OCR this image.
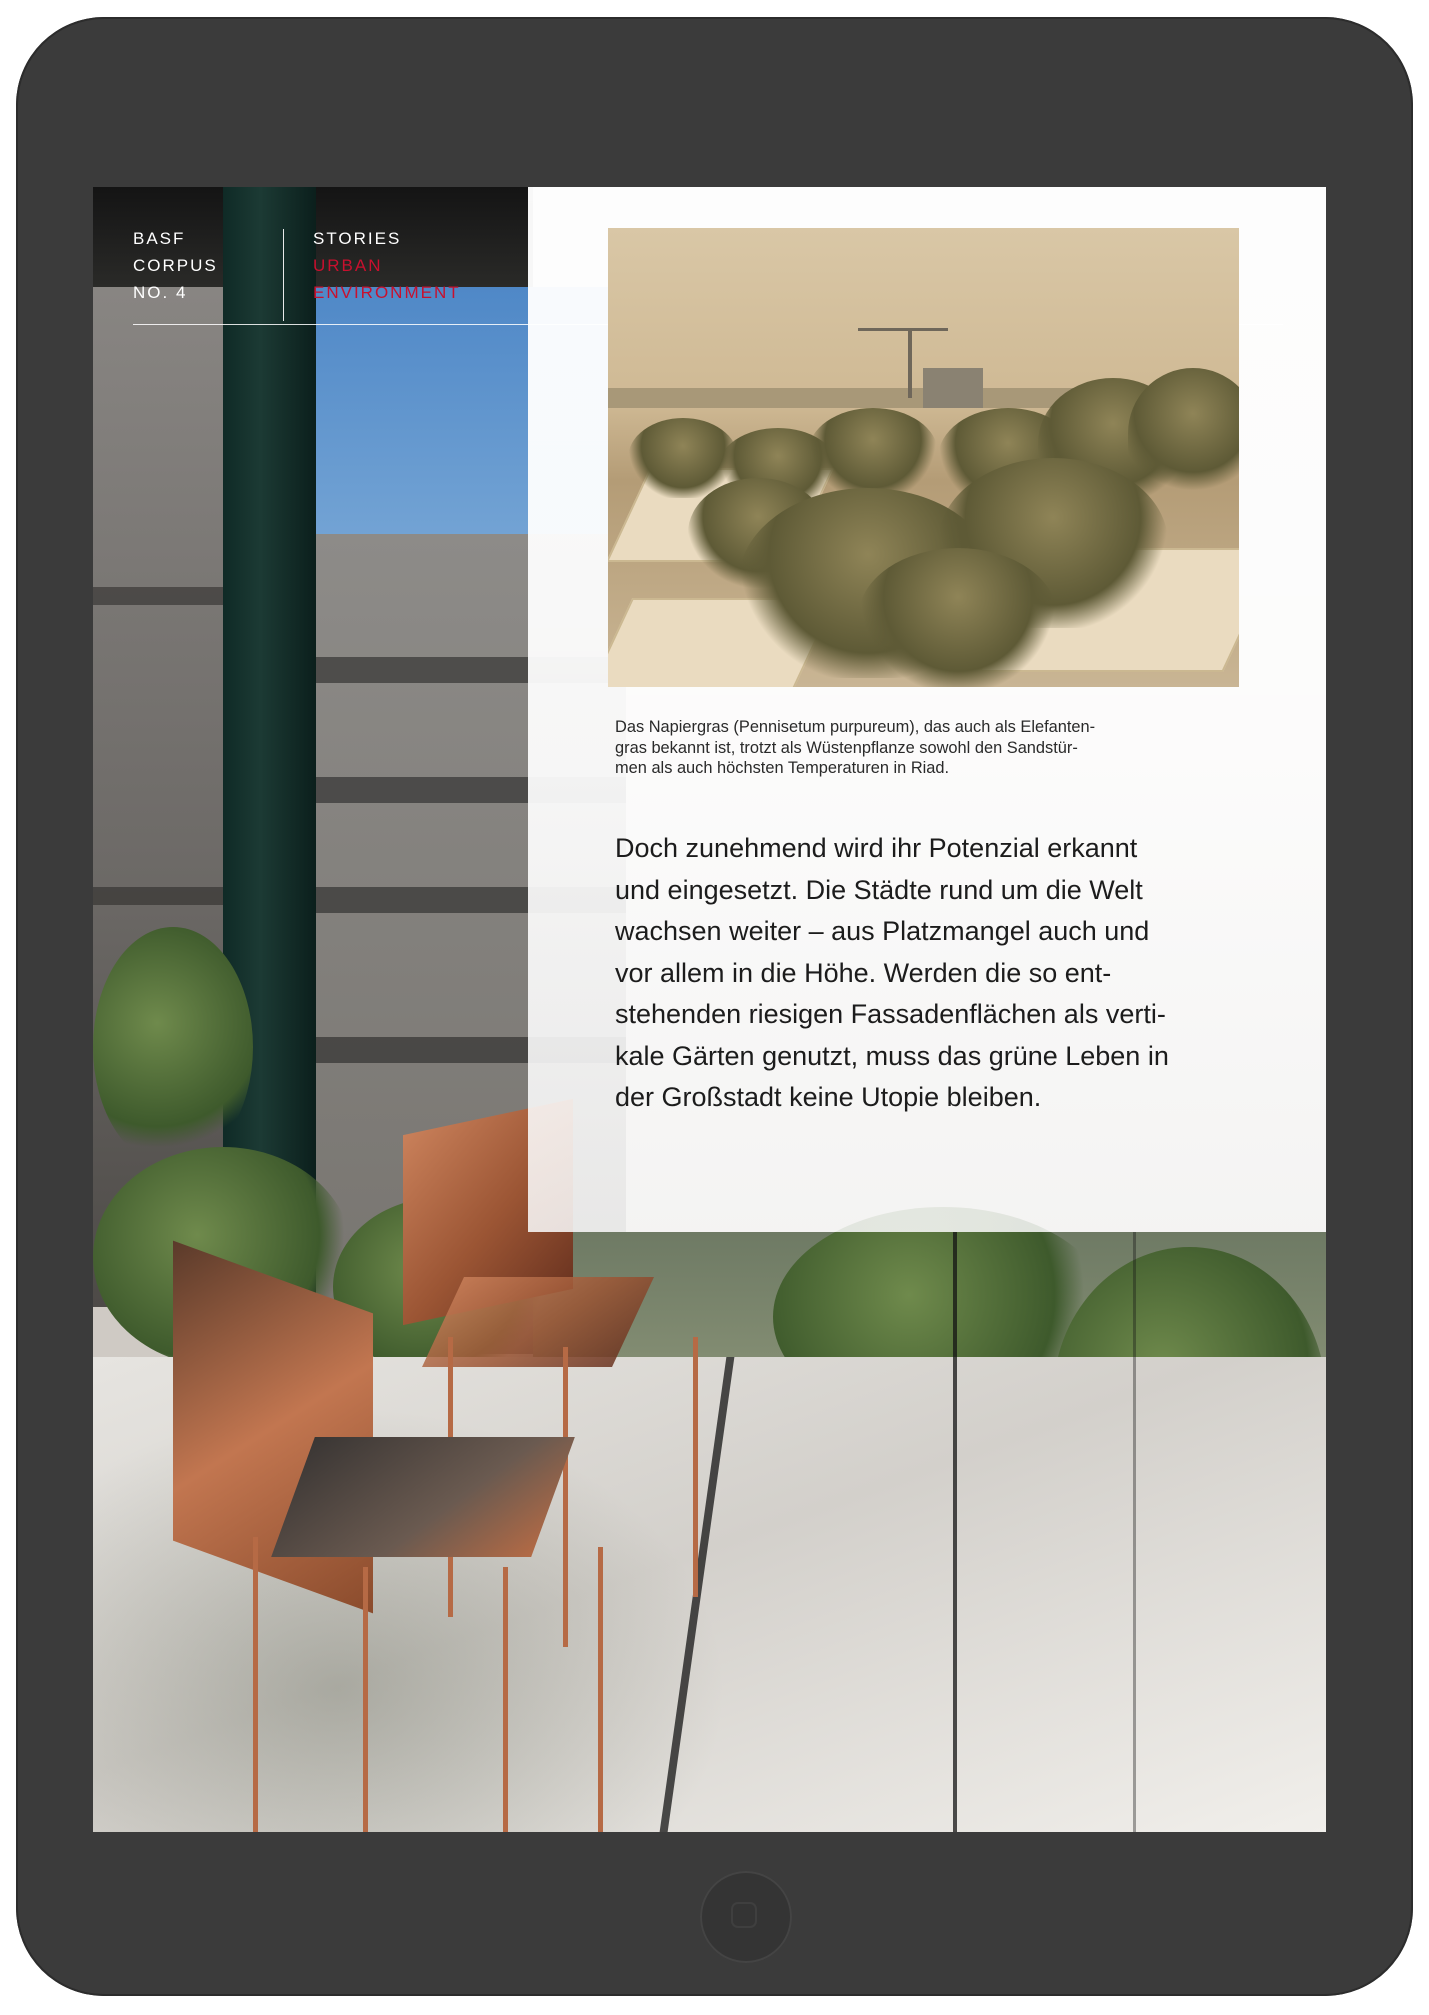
BASF
CORPUS
NO. 4
STORIES
URBAN
ENVIRONMENT
Das Napiergras (Pennisetum purpureum), das auch als Elefanten-
gras bekannt ist, trotzt als Wüstenpflanze sowohl den Sandstür-
men als auch höchsten Temperaturen in Riad.
Doch zunehmend wird ihr Potenzial erkannt
und eingesetzt. Die Städte rund um die Welt
wachsen weiter – aus Platzmangel auch und
vor allem in die Höhe. Werden die so ent-
stehenden riesigen Fassadenflächen als verti-
kale Gärten genutzt, muss das grüne Leben in
der Großstadt keine Utopie bleiben.
